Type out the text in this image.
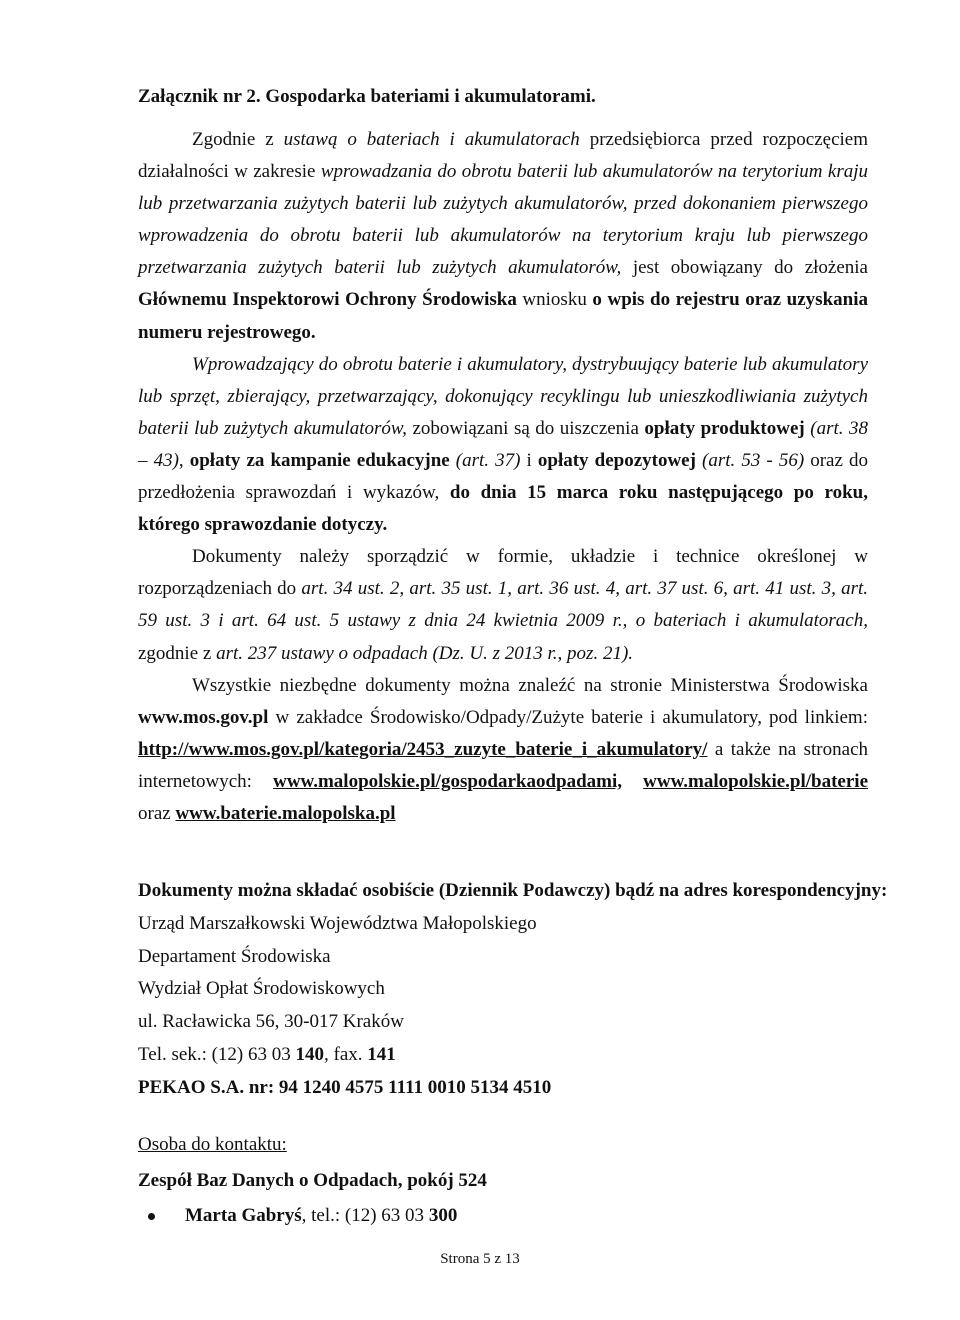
Załącznik nr 2. Gospodarka bateriami i akumulatorami.

Zgodnie z ustawą o bateriach i akumulatorach przedsiębiorca przed rozpoczęciem działalności w zakresie wprowadzania do obrotu baterii lub akumulatorów na terytorium kraju lub przetwarzania zużytych baterii lub zużytych akumulatorów, przed dokonaniem pierwszego wprowadzenia do obrotu baterii lub akumulatorów na terytorium kraju lub pierwszego przetwarzania zużytych baterii lub zużytych akumulatorów, jest obowiązany do złożenia Głównemu Inspektorowi Ochrony Środowiska wniosku o wpis do rejestru oraz uzyskania numeru rejestrowego.

Wprowadzający do obrotu baterie i akumulatory, dystrybuujący baterie lub akumulatory lub sprzęt, zbierający, przetwarzający, dokonujący recyklingu lub unieszkodliwiania zużytych baterii lub zużytych akumulatorów, zobowiązani są do uiszczenia opłaty produktowej (art. 38 – 43), opłaty za kampanie edukacyjne (art. 37) i opłaty depozytowej (art. 53 - 56) oraz do przedłożenia sprawozdań i wykazów, do dnia 15 marca roku następującego po roku, którego sprawozdanie dotyczy.

Dokumenty należy sporządzić w formie, układzie i technice określonej w rozporządzeniach do art. 34 ust. 2, art. 35 ust. 1, art. 36 ust. 4, art. 37 ust. 6, art. 41 ust. 3, art. 59 ust. 3 i art. 64 ust. 5 ustawy z dnia 24 kwietnia 2009 r., o bateriach i akumulatorach, zgodnie z art. 237 ustawy o odpadach (Dz. U. z 2013 r., poz. 21).

Wszystkie niezbędne dokumenty można znaleźć na stronie Ministerstwa Środowiska www.mos.gov.pl w zakładce Środowisko/Odpady/Zużyte baterie i akumulatory, pod linkiem: http://www.mos.gov.pl/kategoria/2453_zuzyte_baterie_i_akumulatory/ a także na stronach internetowych: www.malopolskie.pl/gospodarkaodpadami, www.malopolskie.pl/baterie oraz www.baterie.malopolska.pl

Dokumenty można składać osobiście (Dziennik Podawczy) bądź na adres korespondencyjny:
Urząd Marszałkowski Województwa Małopolskiego
Departament Środowiska
Wydział Opłat Środowiskowych
ul. Racławicka 56, 30-017 Kraków
Tel. sek.: (12) 63 03 140, fax. 141
PEKAO S.A. nr: 94 1240 4575 1111 0010 5134 4510
Osoba do kontaktu:
Zespół Baz Danych o Odpadach, pokój 524
Marta Gabryś, tel.: (12) 63 03 300
Strona 5 z 13
